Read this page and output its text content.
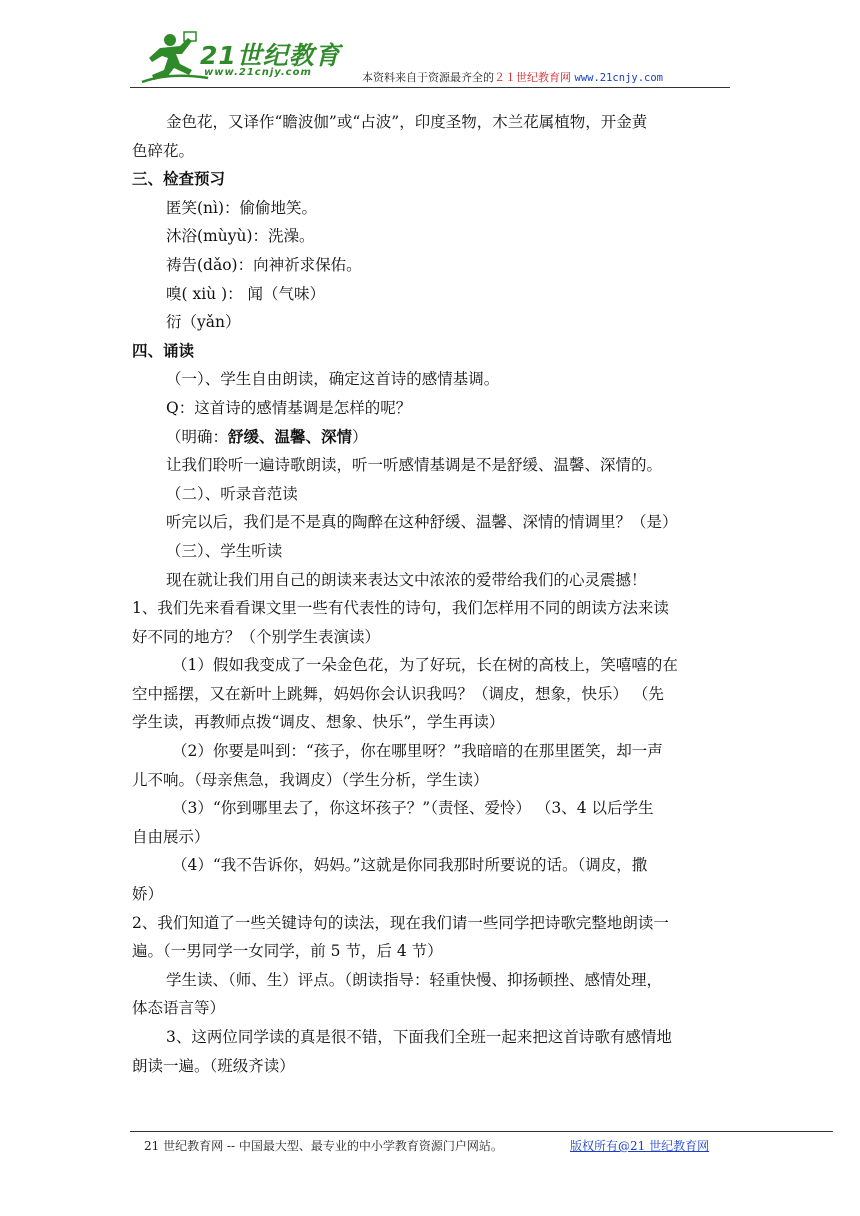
21世纪教育
www.21cnjy.com	本资料来自于资源最齐全的２１世纪教育网 www.21cnjy.com

金色花，又译作“瞻波伽”或“占波”，印度圣物，木兰花属植物，开金黄

色碎花。

三、检查预习

匿笑(nì)：偷偷地笑。

沐浴(mùyù)：洗澡。

祷告(dǎo)：向神祈求保佑。

嗅( xiù )： 闻（气味）

衍（yǎn）

四、诵读

（一）、学生自由朗读，确定这首诗的感情基调。

Q：这首诗的感情基调是怎样的呢？

（明确：舒缓、温馨、深情）

让我们聆听一遍诗歌朗读，听一听感情基调是不是舒缓、温馨、深情的。

（二）、听录音范读

听完以后，我们是不是真的陶醉在这种舒缓、温馨、深情的情调里？（是）

（三）、学生听读

现在就让我们用自己的朗读来表达文中浓浓的爱带给我们的心灵震撼！

1、我们先来看看课文里一些有代表性的诗句，我们怎样用不同的朗读方法来读

好不同的地方？（个别学生表演读）

（1）假如我变成了一朵金色花，为了好玩，长在树的高枝上，笑嘻嘻的在

空中摇摆，又在新叶上跳舞，妈妈你会认识我吗？（调皮，想象，快乐） （先

学生读，再教师点拨“调皮、想象、快乐”，学生再读）

（2）你要是叫到：“孩子，你在哪里呀？”我暗暗的在那里匿笑，却一声

儿不响。（母亲焦急，我调皮）（学生分析，学生读）

（3）“你到哪里去了，你这坏孩子？”（责怪、爱怜） （3、4 以后学生

自由展示）

（4）“我不告诉你，妈妈。”这就是你同我那时所要说的话。（调皮，撒

娇）

2、我们知道了一些关键诗句的读法，现在我们请一些同学把诗歌完整地朗读一

遍。（一男同学一女同学，前 5 节，后 4 节）

学生读、（师、生）评点。（朗读指导：轻重快慢、抑扬顿挫、感情处理，

体态语言等）

3、这两位同学读的真是很不错，下面我们全班一起来把这首诗歌有感情地

朗读一遍。（班级齐读）

21 世纪教育网 -- 中国最大型、最专业的中小学教育资源门户网站。	版权所有@21 世纪教育网
